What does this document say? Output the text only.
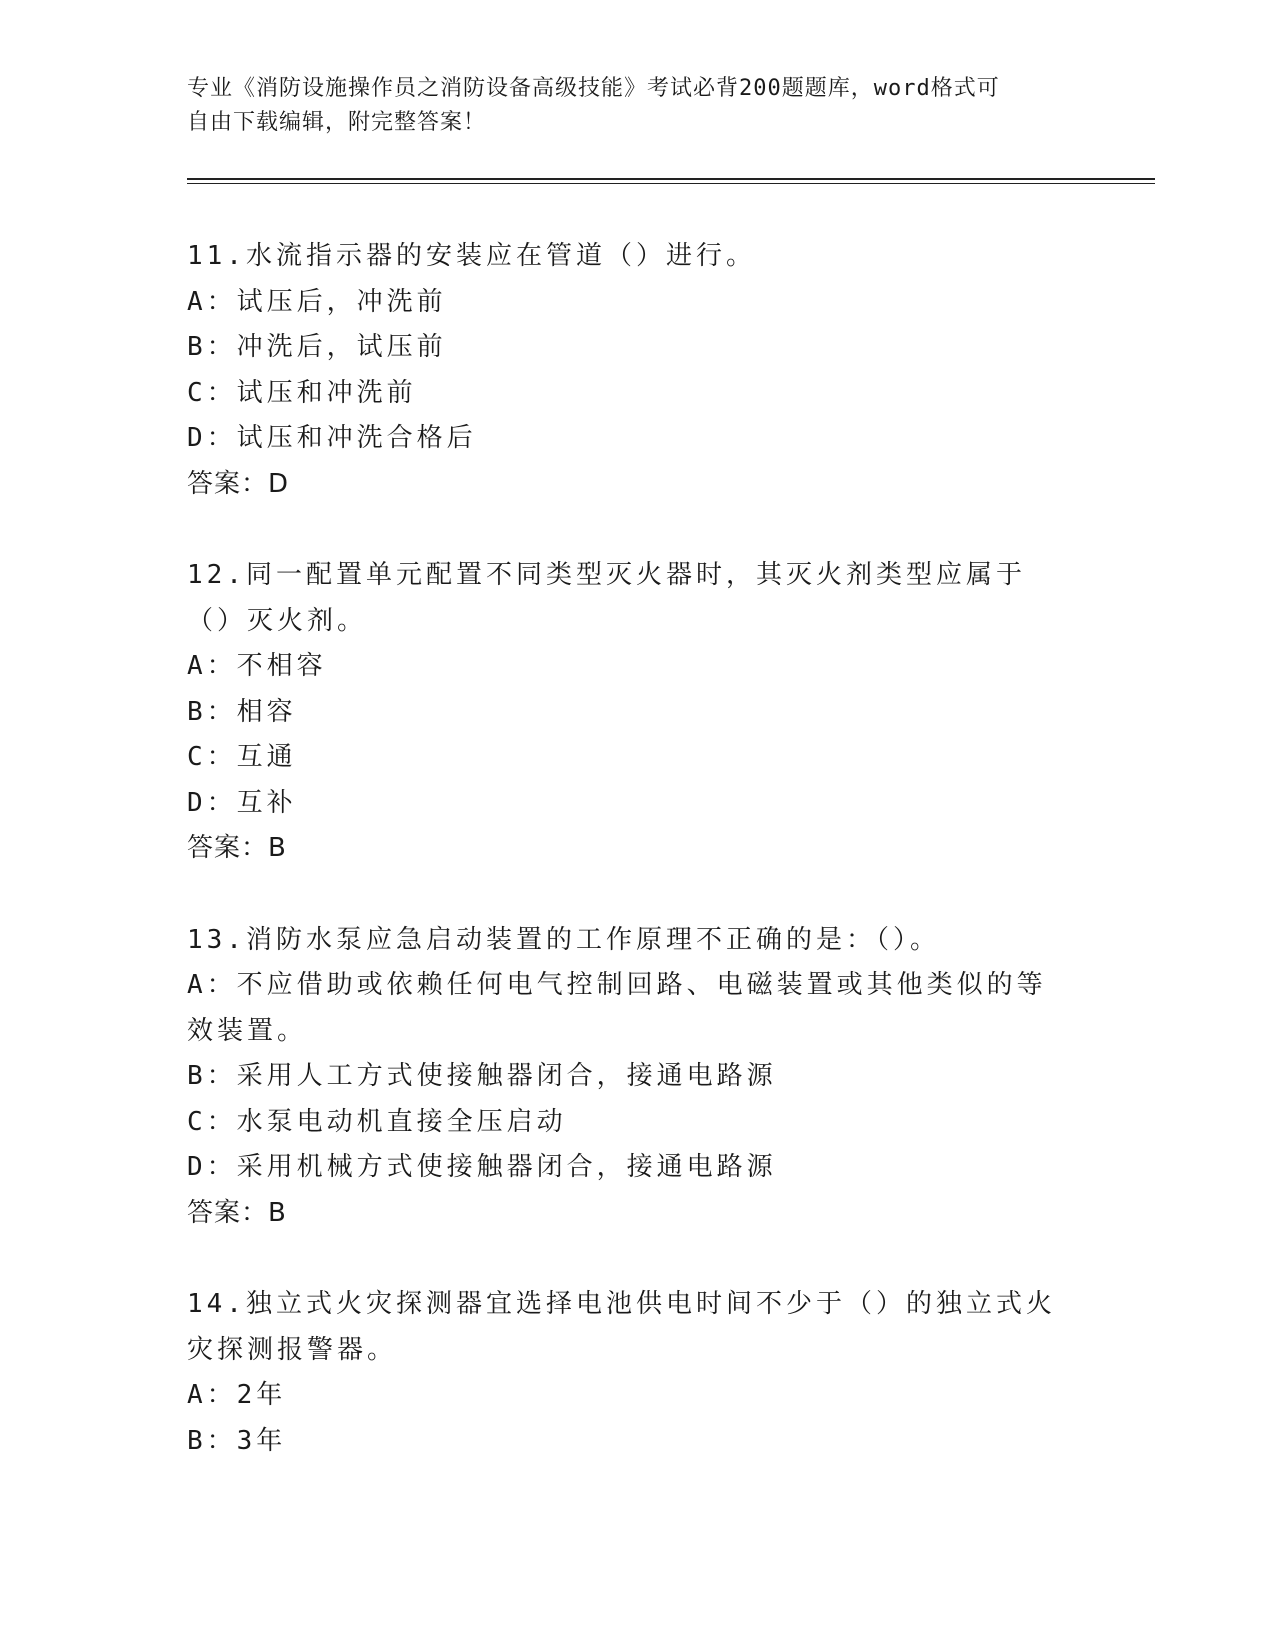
专业《消防设施操作员之消防设备高级技能》考试必背200题题库，word格式可

自由下载编辑，附完整答案！

11.水流指示器的安装应在管道（）进行。

A：试压后，冲洗前

B：冲洗后，试压前

C：试压和冲洗前

D：试压和冲洗合格后

答案：D

12.同一配置单元配置不同类型灭火器时，其灭火剂类型应属于（）灭火剂。

A：不相容

B：相容

C：互通

D：互补

答案：B

13.消防水泵应急启动装置的工作原理不正确的是：（）。

A：不应借助或依赖任何电气控制回路、电磁装置或其他类似的等效装置。

B：采用人工方式使接触器闭合，接通电路源

C：水泵电动机直接全压启动

D：采用机械方式使接触器闭合，接通电路源

答案：B

14.独立式火灾探测器宜选择电池供电时间不少于（）的独立式火灾探测报警器。

A：2年

B：3年
